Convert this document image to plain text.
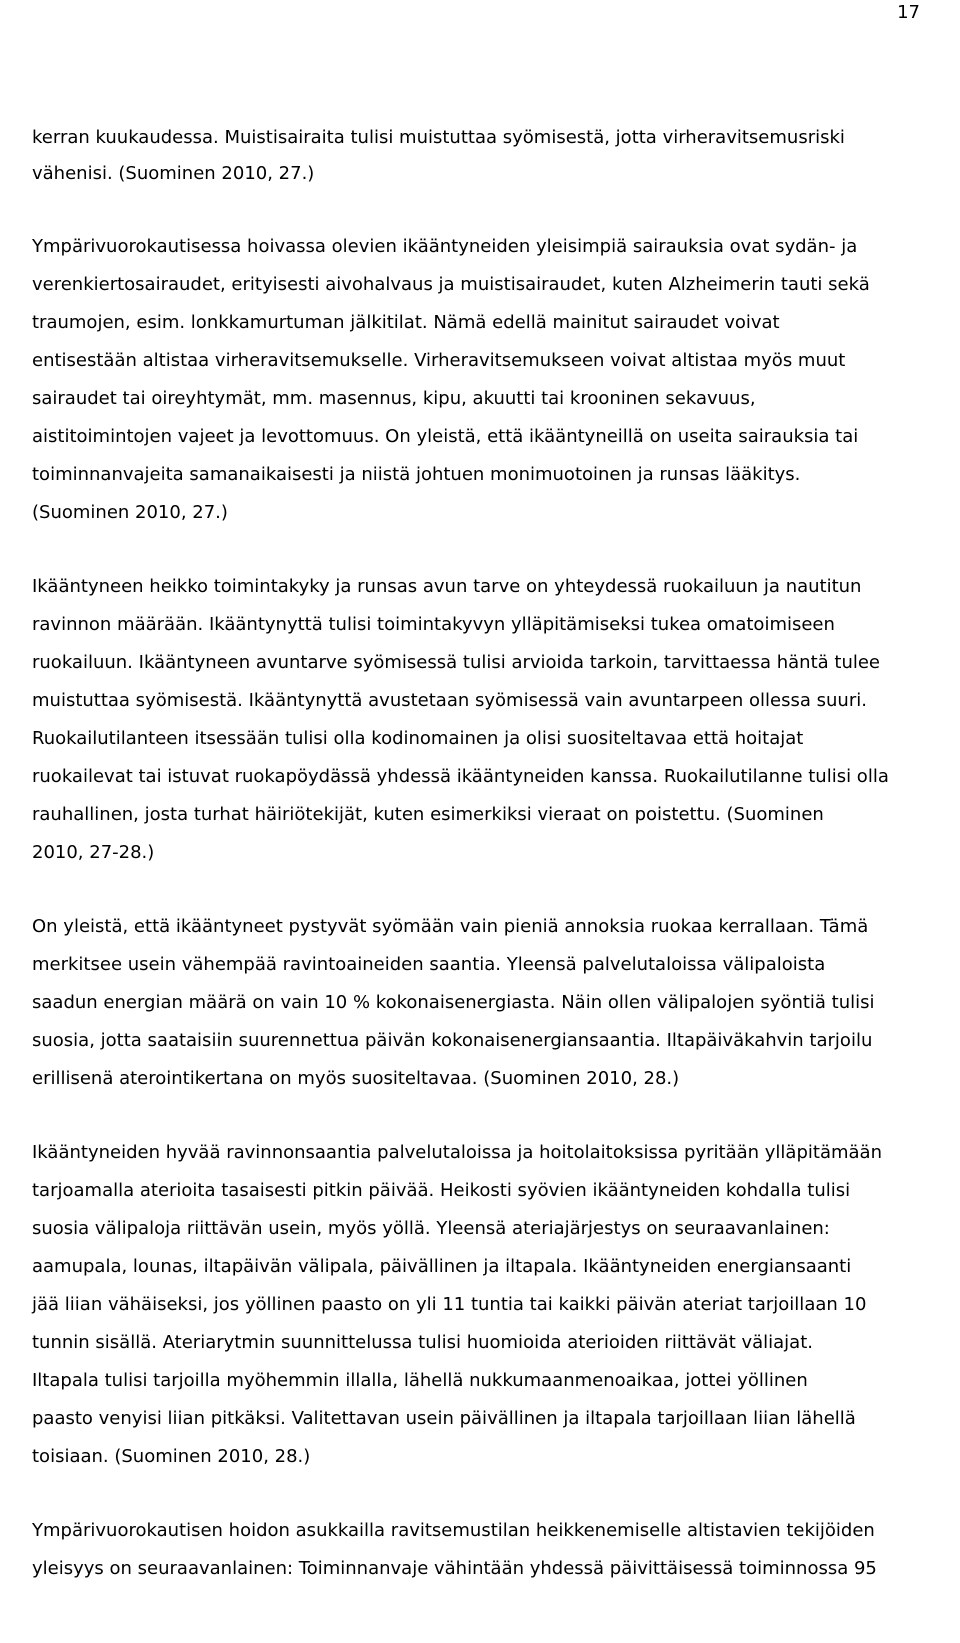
17

kerran kuukaudessa. Muistisairaita tulisi muistuttaa syömisestä, jotta virheravitsemusriski
vähenisi. (Suominen 2010, 27.)

Ympärivuorokautisessa hoivassa olevien ikääntyneiden yleisimpiä sairauksia ovat sydän- ja
verenkiertosairaudet, erityisesti aivohalvaus ja muistisairaudet, kuten Alzheimerin tauti sekä
traumojen, esim. lonkkamurtuman jälkitilat. Nämä edellä mainitut sairaudet voivat
entisestään altistaa virheravitsemukselle. Virheravitsemukseen voivat altistaa myös muut
sairaudet tai oireyhtymät, mm. masennus, kipu, akuutti tai krooninen sekavuus,
aistitoimintojen vajeet ja levottomuus. On yleistä, että ikääntyneillä on useita sairauksia tai
toiminnanvajeita samanaikaisesti ja niistä johtuen monimuotoinen ja runsas lääkitys.
(Suominen 2010, 27.)

Ikääntyneen heikko toimintakyky ja runsas avun tarve on yhteydessä ruokailuun ja nautitun
ravinnon määrään. Ikääntynyttä tulisi toimintakyvyn ylläpitämiseksi tukea omatoimiseen
ruokailuun. Ikääntyneen avuntarve syömisessä tulisi arvioida tarkoin, tarvittaessa häntä tulee
muistuttaa syömisestä. Ikääntynyttä avustetaan syömisessä vain avuntarpeen ollessa suuri.
Ruokailutilanteen itsessään tulisi olla kodinomainen ja olisi suositeltavaa että hoitajat
ruokailevat tai istuvat ruokapöydässä yhdessä ikääntyneiden kanssa. Ruokailutilanne tulisi olla
rauhallinen, josta turhat häiriötekijät, kuten esimerkiksi vieraat on poistettu. (Suominen
2010, 27-28.)

On yleistä, että ikääntyneet pystyvät syömään vain pieniä annoksia ruokaa kerrallaan. Tämä
merkitsee usein vähempää ravintoaineiden saantia. Yleensä palvelutaloissa välipaloista
saadun energian määrä on vain 10 % kokonaisenergiasta. Näin ollen välipalojen syöntiä tulisi
suosia, jotta saataisiin suurennettua päivän kokonaisenergiansaantia. Iltapäiväkahvin tarjoilu
erillisenä aterointikertana on myös suositeltavaa. (Suominen 2010, 28.)

Ikääntyneiden hyvää ravinnonsaantia palvelutaloissa ja hoitolaitoksissa pyritään ylläpitämään
tarjoamalla aterioita tasaisesti pitkin päivää. Heikosti syövien ikääntyneiden kohdalla tulisi
suosia välipaloja riittävän usein, myös yöllä. Yleensä ateriajärjestys on seuraavanlainen:
aamupala, lounas, iltapäivän välipala, päivällinen ja iltapala. Ikääntyneiden energiansaanti
jää liian vähäiseksi, jos yöllinen paasto on yli 11 tuntia tai kaikki päivän ateriat tarjoillaan 10
tunnin sisällä. Ateriarytmin suunnittelussa tulisi huomioida aterioiden riittävät väliajat.
Iltapala tulisi tarjoilla myöhemmin illalla, lähellä nukkumaanmenoaikaa, jottei yöllinen
paasto venyisi liian pitkäksi. Valitettavan usein päivällinen ja iltapala tarjoillaan liian lähellä
toisiaan. (Suominen 2010, 28.)

Ympärivuorokautisen hoidon asukkailla ravitsemustilan heikkenemiselle altistavien tekijöiden
yleisyys on seuraavanlainen: Toiminnanvaje vähintään yhdessä päivittäisessä toiminnossa 95
